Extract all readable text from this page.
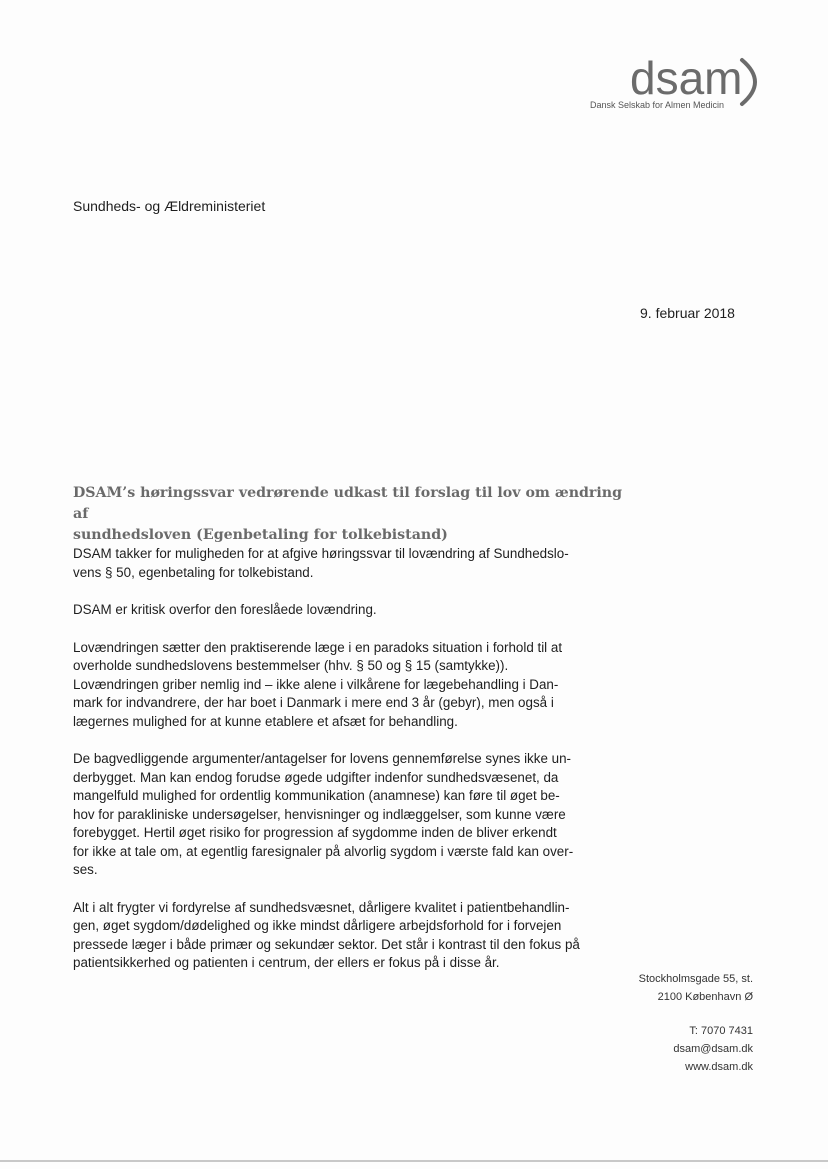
dsam
Dansk Selskab for Almen Medicin
Sundheds- og Ældreministeriet
9. februar 2018
DSAM’s høringssvar vedrørende udkast til forslag til lov om ændring af
sundhedsloven (Egenbetaling for tolkebistand)

DSAM takker for muligheden for at afgive høringssvar til lovændring af Sundhedslo-
vens § 50, egenbetaling for tolkebistand.

DSAM er kritisk overfor den foreslåede lovændring.

Lovændringen sætter den praktiserende læge i en paradoks situation i forhold til at
overholde sundhedslovens bestemmelser (hhv. § 50 og § 15 (samtykke)).
Lovændringen griber nemlig ind – ikke alene i vilkårene for lægebehandling i Dan-
mark for indvandrere, der har boet i Danmark i mere end 3 år (gebyr), men også i
lægernes mulighed for at kunne etablere et afsæt for behandling.

De bagvedliggende argumenter/antagelser for lovens gennemførelse synes ikke un-
derbygget. Man kan endog forudse øgede udgifter indenfor sundhedsvæsenet, da
mangelfuld mulighed for ordentlig kommunikation (anamnese) kan føre til øget be-
hov for parakliniske undersøgelser, henvisninger og indlæggelser, som kunne være
forebygget. Hertil øget risiko for progression af sygdomme inden de bliver erkendt
for ikke at tale om, at egentlig faresignaler på alvorlig sygdom i værste fald kan over-
ses.

Alt i alt frygter vi fordyrelse af sundhedsvæsnet, dårligere kvalitet i patientbehandlin-
gen, øget sygdom/dødelighed og ikke mindst dårligere arbejdsforhold for i forvejen
pressede læger i både primær og sekundær sektor. Det står i kontrast til den fokus på
patientsikkerhed og patienten i centrum, der ellers er fokus på i disse år.

Stockholmsgade 55, st.
2100 København Ø
T: 7070 7431
dsam@dsam.dk
www.dsam.dk
